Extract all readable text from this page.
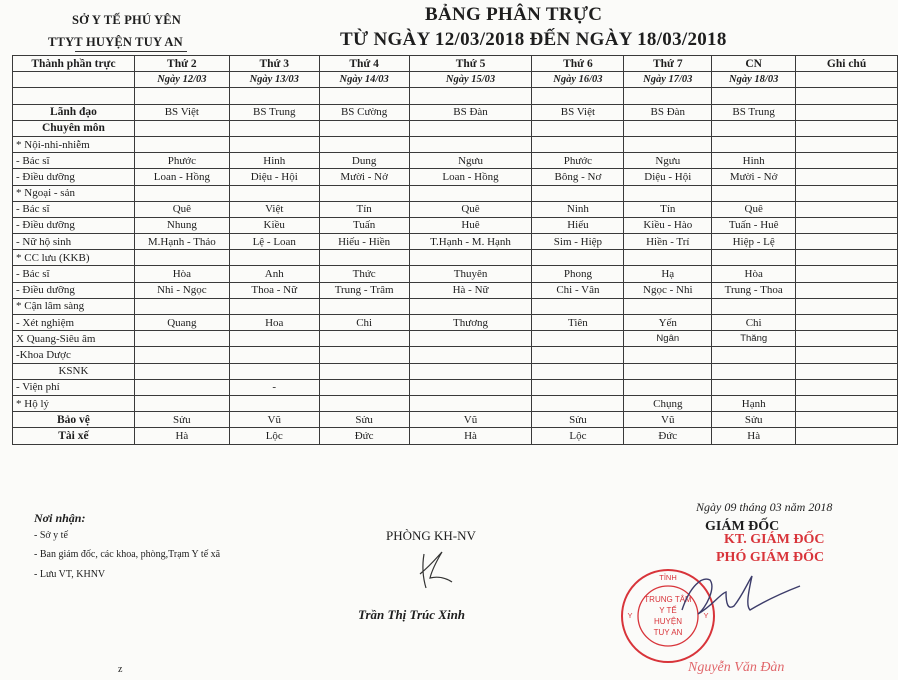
SỞ Y TẾ PHÚ YÊN
TTYT HUYỆN TUY AN
BẢNG PHÂN TRỰC
TỪ NGÀY 12/03/2018 ĐẾN NGÀY 18/03/2018
Thành phần trực	Thứ 2	Thứ 3	Thứ 4	Thứ 5	Thứ 6	Thứ 7	CN	Ghi chú
	Ngày 12/03	Ngày 13/03	Ngày 14/03	Ngày 15/03	Ngày 16/03	Ngày 17/03	Ngày 18/03	

Lãnh đạo	BS Việt	BS Trung	BS Cường	BS Đàn	BS Việt	BS Đàn	BS Trung	
Chuyên môn								
* Nội-nhi-nhiễm								
- Bác sĩ	Phước	Hinh	Dung	Ngưu	Phước	Ngưu	Hinh	
- Điều dưỡng	Loan - Hồng	Diệu - Hội	Mười - Nở	Loan - Hồng	Bông - Nơ	Diệu - Hội	Mười - Nở	
* Ngoại - sản								
- Bác sĩ	Quê	Việt	Tín	Quê	Ninh	Tín	Quê	
- Điều dưỡng	Nhung	Kiều	Tuấn	Huê	Hiếu	Kiều - Hào	Tuấn - Huê	
- Nữ hộ sinh	M.Hạnh - Thảo	Lệ - Loan	Hiếu - Hiền	T.Hạnh - M. Hạnh	Sim - Hiệp	Hiền - Trí	Hiệp - Lệ	
* CC lưu (KKB)								
- Bác sĩ	Hòa	Anh	Thức	Thuyên	Phong	Hạ	Hòa	
- Điều dưỡng	Nhi - Ngọc	Thoa - Nữ	Trung - Trâm	Hà - Nữ	Chi - Vân	Ngọc - Nhi	Trung - Thoa	
* Cận lâm sàng								
- Xét nghiệm	Quang	Hoa	Chi	Thương	Tiên	Yến	Chi	
X Quang-Siêu âm						Ngân	Thăng	
-Khoa Dược								
KSNK								
- Viện phí		-						
* Hộ lý						Chụng	Hạnh	
Bảo vệ	Sửu	Vũ	Sửu	Vũ	Sửu	Vũ	Sửu	
Tài xế	Hà	Lộc	Đức	Hà	Lộc	Đức	Hà	
Nơi nhận:
- Sở y tế
- Ban giám đốc, các khoa, phòng,Trạm Y tế xã
- Lưu VT, KHNV
PHÒNG KH-NV
Trần Thị Trúc Xinh
Ngày 09 tháng 03 năm 2018
GIÁM ĐỐC
KT. GIÁM ĐỐC
PHÓ GIÁM ĐỐC
TỈNH
Y	Y
TRUNG TÂM
Y TẾ
HUYỆN
TUY AN
Nguyễn Văn Đàn
z
